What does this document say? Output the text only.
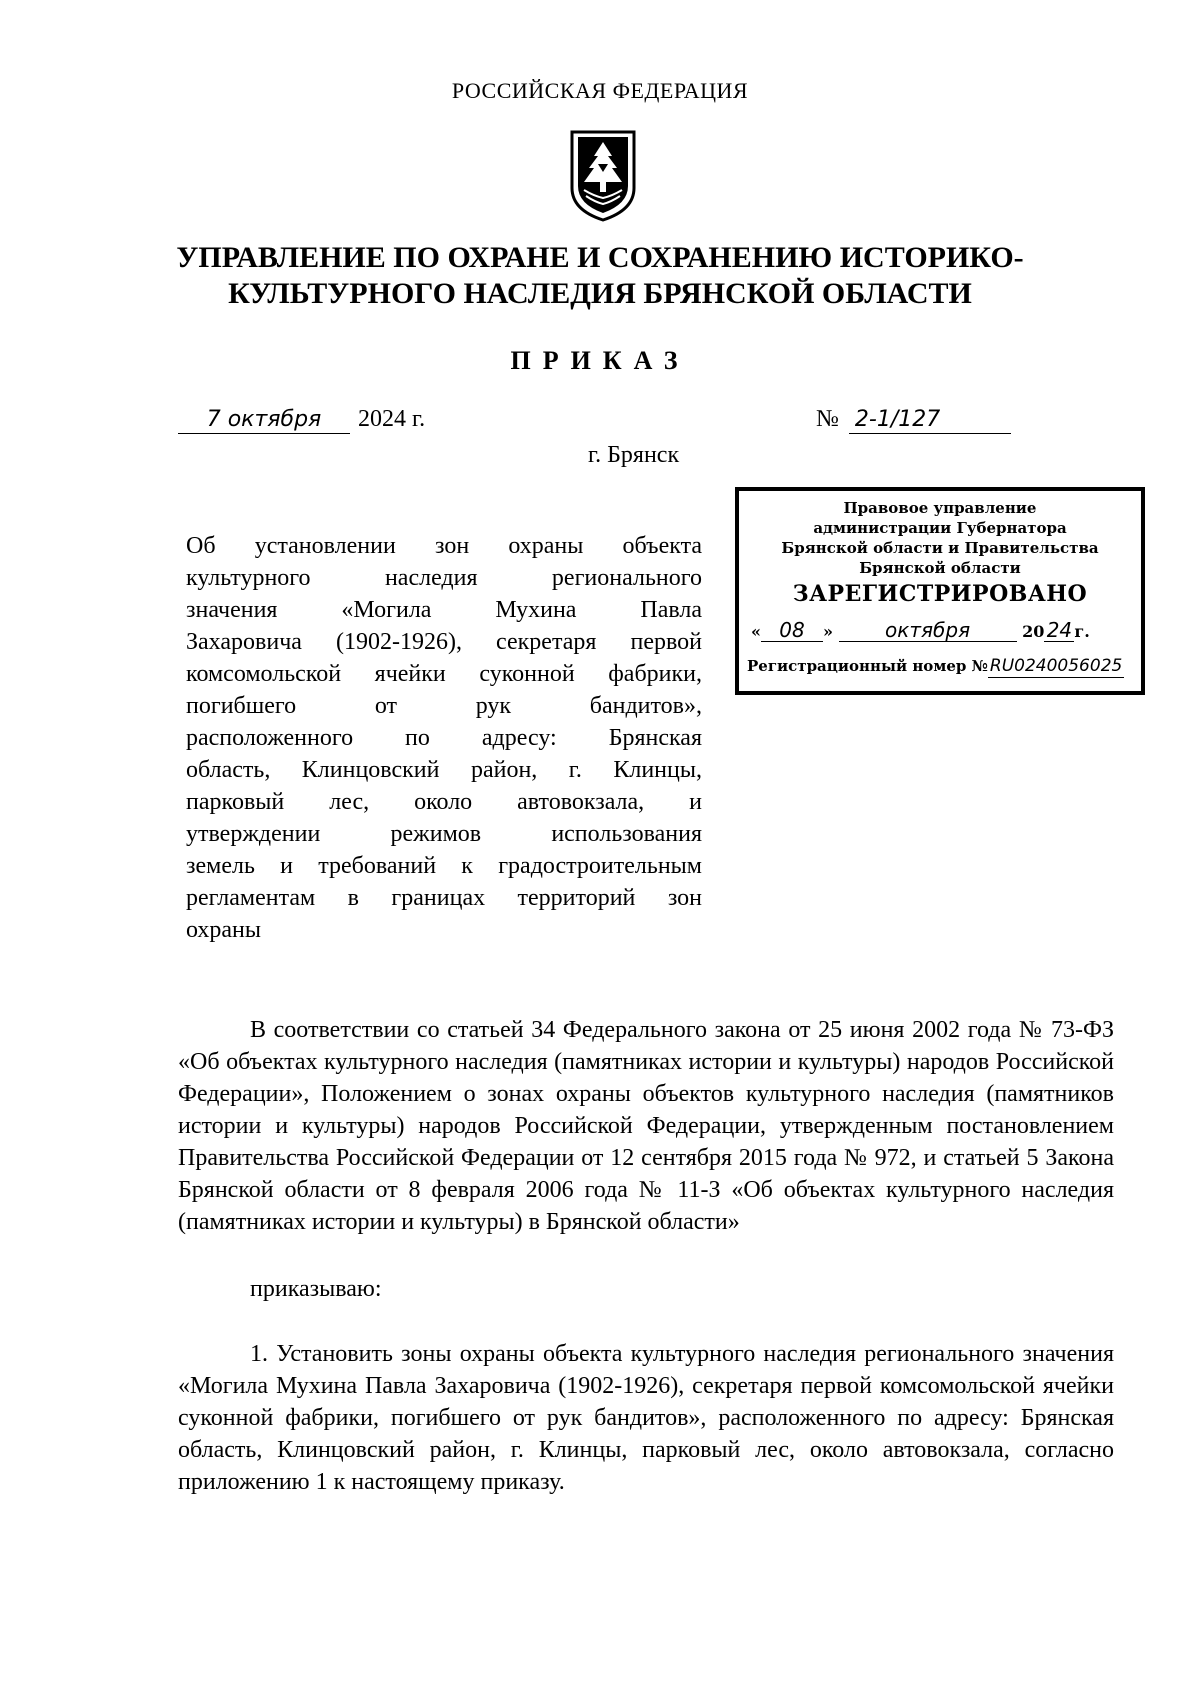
РОССИЙСКАЯ ФЕДЕРАЦИЯ
УПРАВЛЕНИЕ ПО ОХРАНЕ И СОХРАНЕНИЮ ИСТОРИКО-
КУЛЬТУРНОГО НАСЛЕДИЯ БРЯНСКОЙ ОБЛАСТИ
ПРИКАЗ
7 октября 2024 г.	№ 2-1/127
г. Брянск
Правовое управление
администрации Губернатора
Брянской области и Правительства
Брянской области
ЗАРЕГИСТРИРОВАНО
« 08 » октября	20 24 г.
Регистрационный номер № RU0240056025
Об установлении зон охраны объекта
культурного наследия регионального
значения «Могила Мухина Павла
Захаровича (1902-1926), секретаря первой
комсомольской ячейки суконной фабрики,
погибшего от рук бандитов»,
расположенного по адресу: Брянская
область, Клинцовский район, г. Клинцы,
парковый лес, около автовокзала, и
утверждении режимов использования
земель и требований к градостроительным
регламентам в границах территорий зон
охраны
В соответствии со статьей 34 Федерального закона от 25 июня 2002 года № 73-ФЗ «Об объектах культурного наследия (памятниках истории и культуры) народов Российской Федерации», Положением о зонах охраны объектов культурного наследия (памятников истории и культуры) народов Российской Федерации, утвержденным постановлением Правительства Российской Федерации от 12 сентября 2015 года № 972, и статьей 5 Закона Брянской области от 8 февраля 2006 года № 11-З «Об объектах культурного наследия (памятниках истории и культуры) в Брянской области»
приказываю:
1. Установить зоны охраны объекта культурного наследия регионального значения «Могила Мухина Павла Захаровича (1902-1926), секретаря первой комсомольской ячейки суконной фабрики, погибшего от рук бандитов», расположенного по адресу: Брянская область, Клинцовский район, г. Клинцы, парковый лес, около автовокзала, согласно приложению 1 к настоящему приказу.
